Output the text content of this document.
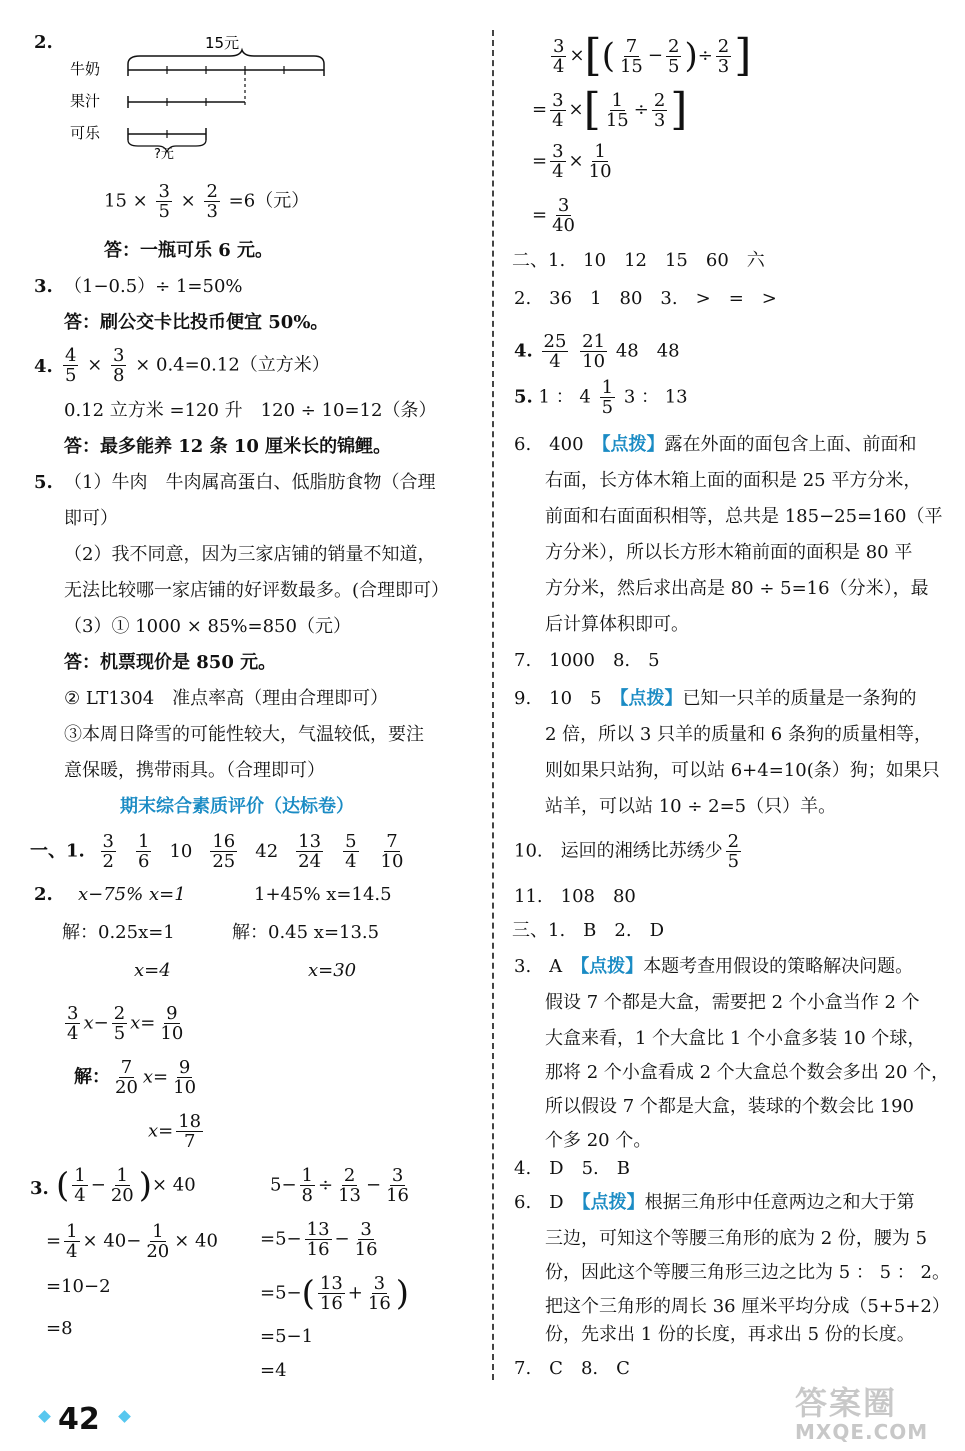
2.	15元
牛奶
果汁
可乐
?元
$15 \times \frac{3}{5} \times \frac{2}{3} =6$（元）
答：一瓶可乐 6 元。
3. （1−0.5）÷ 1=50%
答：刷公交卡比投币便宜 50%。
4. $\frac{4}{5} \times \frac{3}{8} \times 0.4=0.12$（立方米）
0.12 立方米 =120 升　120 ÷ 10=12（条）
答：最多能养 12 条 10 厘米长的锦鲤。
5. （1）牛肉　牛肉属高蛋白、低脂肪食物（合理
即可）
（2）我不同意，因为三家店铺的销量不知道，
无法比较哪一家店铺的好评数最多。(合理即可）
（3）① 1000 × 85%=850（元）
答：机票现价是 850 元。
② LT1304　准点率高（理由合理即可）
③本周日降雪的可能性较大，气温较低，要注
意保暖，携带雨具。（合理即可）
期末综合素质评价（达标卷）
一、1. $\frac{3}{2} \frac{1}{6} 10 \frac{16}{25} 42 \frac{13}{24} \frac{5}{4} \frac{7}{10}$
2. x−75% x=1
解：0.25x=1
x=4
1+45% x=14.5
解：0.45 x=13.5
x=30
$\frac{3}{4} x- \frac{2}{5} x= \frac{9}{10}$
解： $\frac{7}{20} x= \frac{9}{10}$
$x= \frac{18}{7}$
3. ( $\frac{1}{4} - \frac{1}{20}$ )× 40
= $\frac{1}{4} \times 40- \frac{1}{20} \times 40$
=10−2
=8
$5- \frac{1}{8} \div \frac{2}{13} - \frac{3}{16}$
$=5- \frac{13}{16} - \frac{3}{16}$
$=5-( \frac{13}{16} + \frac{3}{16}$ )
=5−1
=4
$\frac{3}{4}$ ×[( $\frac{7}{15} - \frac{2}{5}$ )÷ $\frac{2}{3}$ ]
= $\frac{3}{4}$ ×[ $\frac{1}{15} \div \frac{2}{3}$ ]
= $\frac{3}{4} \times \frac{1}{10}$
= $\frac{3}{40}$
二、1.　10　12　15　60　六
2.　36　1　80　3.　>　=　>
4. $\frac{25}{4}$
$\frac{21}{10} 48$　48
5. 1 ： $4 \frac{1}{5} 3$ ： 13
6.　400　 【点拨】露在外面的面包含上面、前面和
右面，长方体木箱上面的面积是 25 平方分米，
前面和右面面积相等，总共是 185−25=160（平
方分米），所以长方形木箱前面的面积是 80 平
方分米，然后求出高是 80 ÷ 5=16（分米），最
后计算体积即可。
7.　1000　8.　5
9.　10　5　 【点拨】已知一只羊的质量是一条狗的
2 倍，所以 3 只羊的质量和 6 条狗的质量相等，
则如果只站狗，可以站 6+4=10(条）狗；如果只
站羊，可以站 10 ÷ 2=5（只）羊。
10.　运回的湘绣比苏绣少 $\frac{2}{5}$
11.　108　80
三、1.　B　2.　D
3.　A　 【点拨】本题考查用假设的策略解决问题。
假设 7 个都是大盒，需要把 2 个小盒当作 2 个
大盒来看，1 个大盒比 1 个小盒多装 10 个球，
那将 2 个小盒看成 2 个大盒总个数会多出 20 个，
所以假设 7 个都是大盒，装球的个数会比 190
个多 20 个。
4.　D　5.　B
6.　D　 【点拨】根据三角形中任意两边之和大于第
三边，可知这个等腰三角形的底为 2 份，腰为 5
份，因此这个等腰三角形三边之比为 5 ： 5 ： 2。
把这个三角形的周长 36 厘米平均分成（5+5+2）
份，先求出 1 份的长度，再求出 5 份的长度。
7.　C　8.　C
42	答案圈
MXQE.COM
